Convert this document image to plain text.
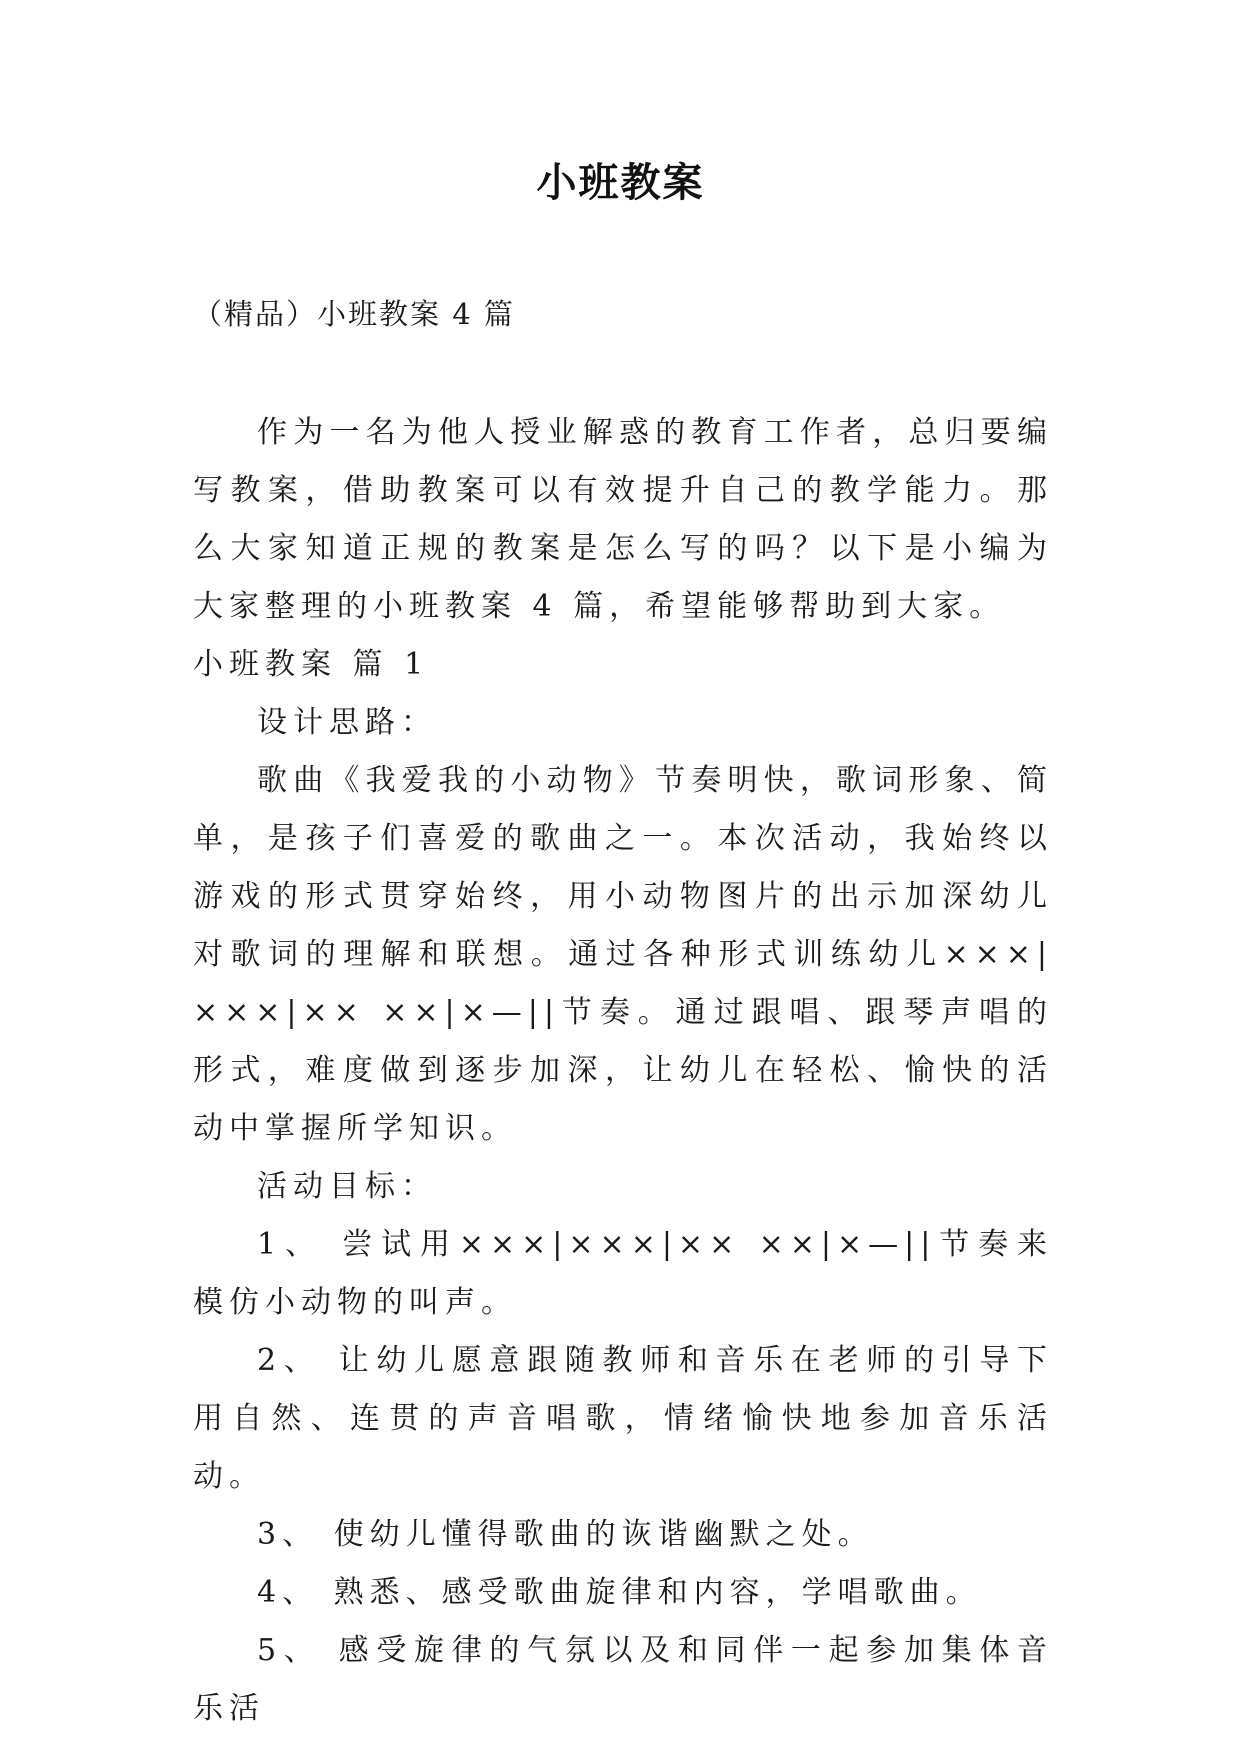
小班教案
（精品）小班教案 4 篇

作为一名为他人授业解惑的教育工作者，总归要编写教案，借助教案可以有效提升自己的教学能力。那么大家知道正规的教案是怎么写的吗？以下是小编为大家整理的小班教案 4 篇，希望能够帮助到大家。

小班教案 篇 1

设计思路：

歌曲《我爱我的小动物》节奏明快，歌词形象、简单，是孩子们喜爱的歌曲之一。本次活动，我始终以游戏的形式贯穿始终，用小动物图片的出示加深幼儿对歌词的理解和联想。通过各种形式训练幼儿×××|×××|×× ××|×—||节奏。通过跟唱、跟琴声唱的形式，难度做到逐步加深，让幼儿在轻松、愉快的活动中掌握所学知识。

活动目标：

1、 尝试用×××|×××|×× ××|×—||节奏来模仿小动物的叫声。

2、 让幼儿愿意跟随教师和音乐在老师的引导下用自然、连贯的声音唱歌，情绪愉快地参加音乐活动。

3、 使幼儿懂得歌曲的诙谐幽默之处。

4、 熟悉、感受歌曲旋律和内容，学唱歌曲。

5、 感受旋律的气氛以及和同伴一起参加集体音乐活
